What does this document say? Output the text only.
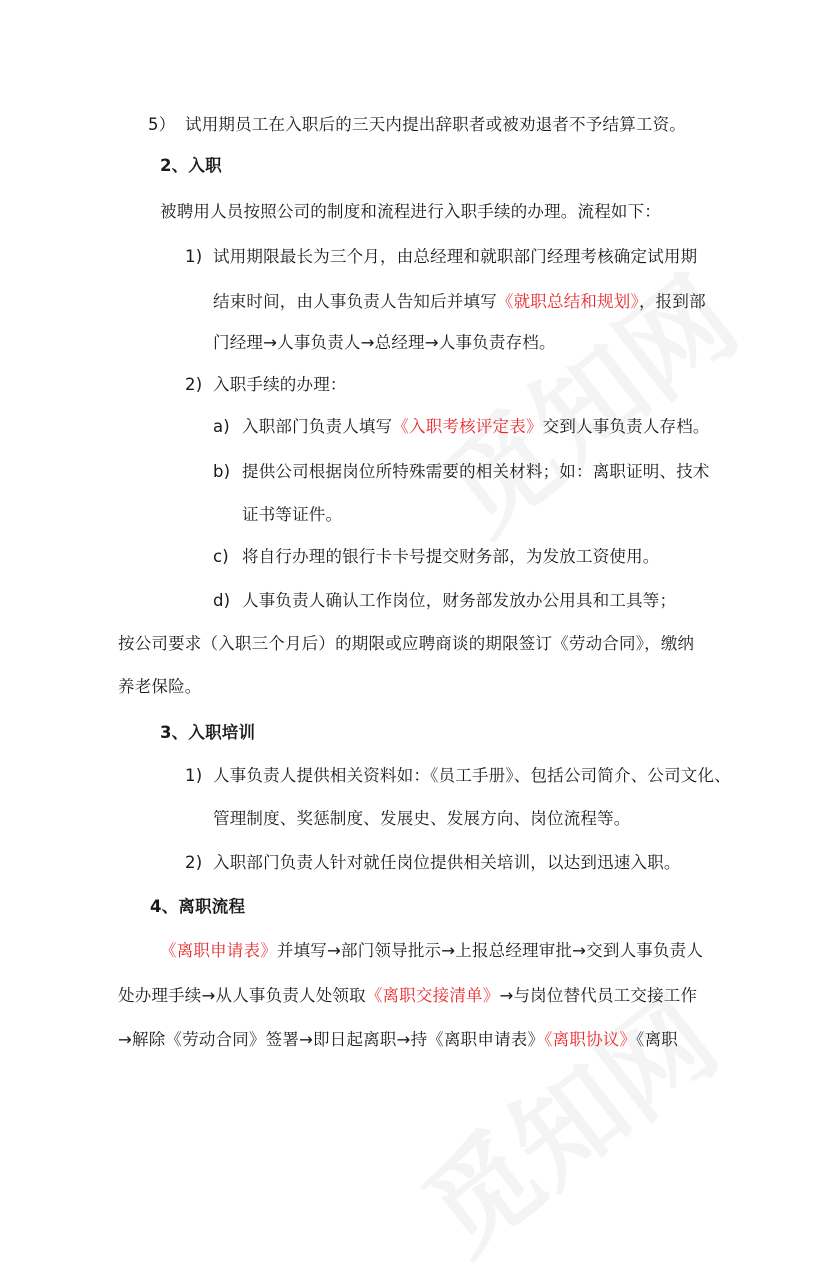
5） 试用期员工在入职后的三天内提出辞职者或被劝退者不予结算工资。
2、入职
被聘用人员按照公司的制度和流程进行入职手续的办理。流程如下：
1) 试用期限最长为三个月，由总经理和就职部门经理考核确定试用期
结束时间，由人事负责人告知后并填写《就职总结和规划》，报到部
门经理→人事负责人→总经理→人事负责存档。
2) 入职手续的办理：
a) 入职部门负责人填写《入职考核评定表》交到人事负责人存档。
b) 提供公司根据岗位所特殊需要的相关材料；如：离职证明、技术
证书等证件。
c) 将自行办理的银行卡卡号提交财务部，为发放工资使用。
d) 人事负责人确认工作岗位，财务部发放办公用具和工具等；
按公司要求（入职三个月后）的期限或应聘商谈的期限签订《劳动合同》，缴纳
养老保险。
3、入职培训
1) 人事负责人提供相关资料如：《员工手册》、包括公司简介、公司文化、
管理制度、奖惩制度、发展史、发展方向、岗位流程等。
2) 入职部门负责人针对就任岗位提供相关培训，以达到迅速入职。
4、离职流程
《离职申请表》并填写→部门领导批示→上报总经理审批→交到人事负责人
处办理手续→从人事负责人处领取《离职交接清单》→与岗位替代员工交接工作
→解除《劳动合同》签署→即日起离职→持《离职申请表》《离职协议》《离职
